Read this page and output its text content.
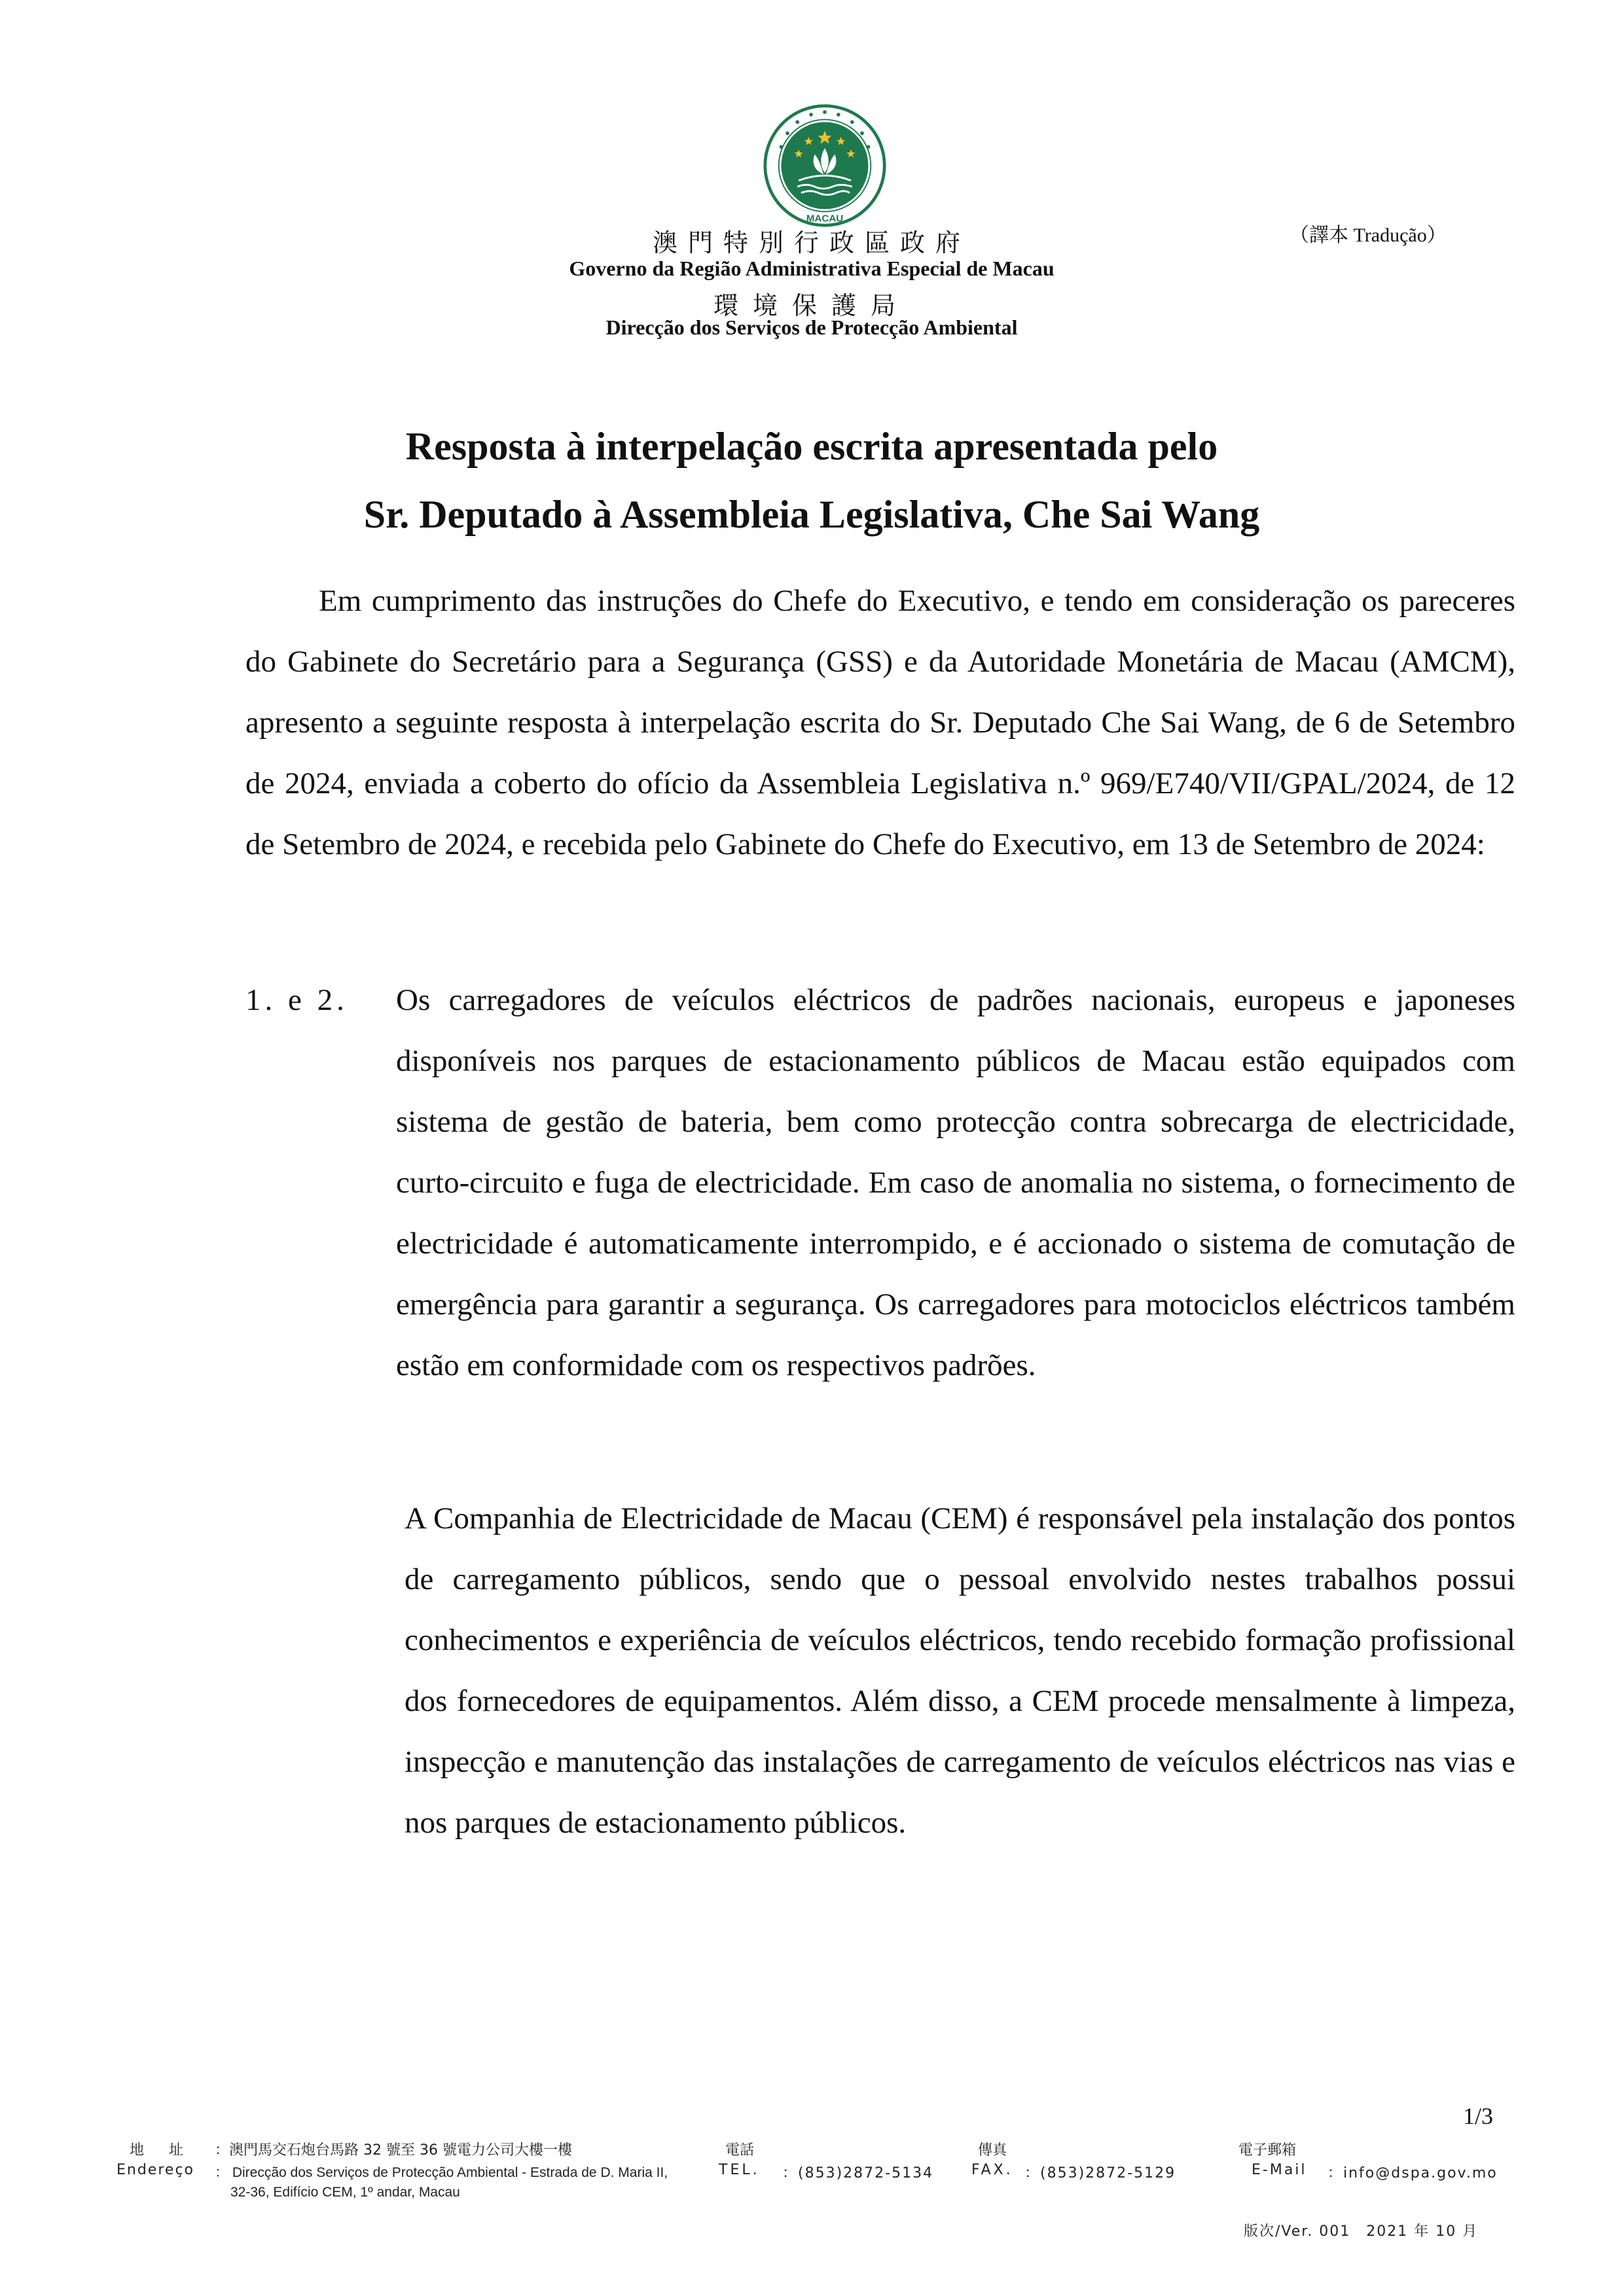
MACAU
澳門特別行政區政府
Governo da Região Administrativa Especial de Macau
環境保護局
Direcção dos Serviços de Protecção Ambiental
（譯本 Tradução）
Resposta à interpelação escrita apresentada pelo
Sr. Deputado à Assembleia Legislativa, Che Sai Wang

Em cumprimento das instruções do Chefe do Executivo, e tendo em consideração os pareceres do Gabinete do Secretário para a Segurança (GSS) e da Autoridade Monetária de Macau (AMCM), apresento a seguinte resposta à interpelação escrita do Sr. Deputado Che Sai Wang, de 6 de Setembro de 2024, enviada a coberto do ofício da Assembleia Legislativa n.º 969/E740/VII/GPAL/2024, de 12 de Setembro de 2024, e recebida pelo Gabinete do Chefe do Executivo, em 13 de Setembro de 2024:

1. e 2. Os carregadores de veículos eléctricos de padrões nacionais, europeus e japoneses disponíveis nos parques de estacionamento públicos de Macau estão equipados com sistema de gestão de bateria, bem como protecção contra sobrecarga de electricidade, curto-circuito e fuga de electricidade. Em caso de anomalia no sistema, o fornecimento de electricidade é automaticamente interrompido, e é accionado o sistema de comutação de emergência para garantir a segurança. Os carregadores para motociclos eléctricos também estão em conformidade com os respectivos padrões.

A Companhia de Electricidade de Macau (CEM) é responsável pela instalação dos pontos de carregamento públicos, sendo que o pessoal envolvido nestes trabalhos possui conhecimentos e experiência de veículos eléctricos, tendo recebido formação profissional dos fornecedores de equipamentos. Além disso, a CEM procede mensalmente à limpeza, inspecção e manutenção das instalações de carregamento de veículos eléctricos nas vias e nos parques de estacionamento públicos.

1/3
地址 ：澳門馬交石炮台馬路 32 號至 36 號電力公司大樓一樓
Endereço ： Direcção dos Serviços de Protecção Ambiental - Estrada de D. Maria II,
32-36, Edifício CEM, 1º andar, Macau
電話
TEL. ：(853)2872-5134
傳真
FAX. ：(853)2872-5129
電子郵箱
E-Mail ：info@dspa.gov.mo
版次/Ver. 001　2021 年 10 月
